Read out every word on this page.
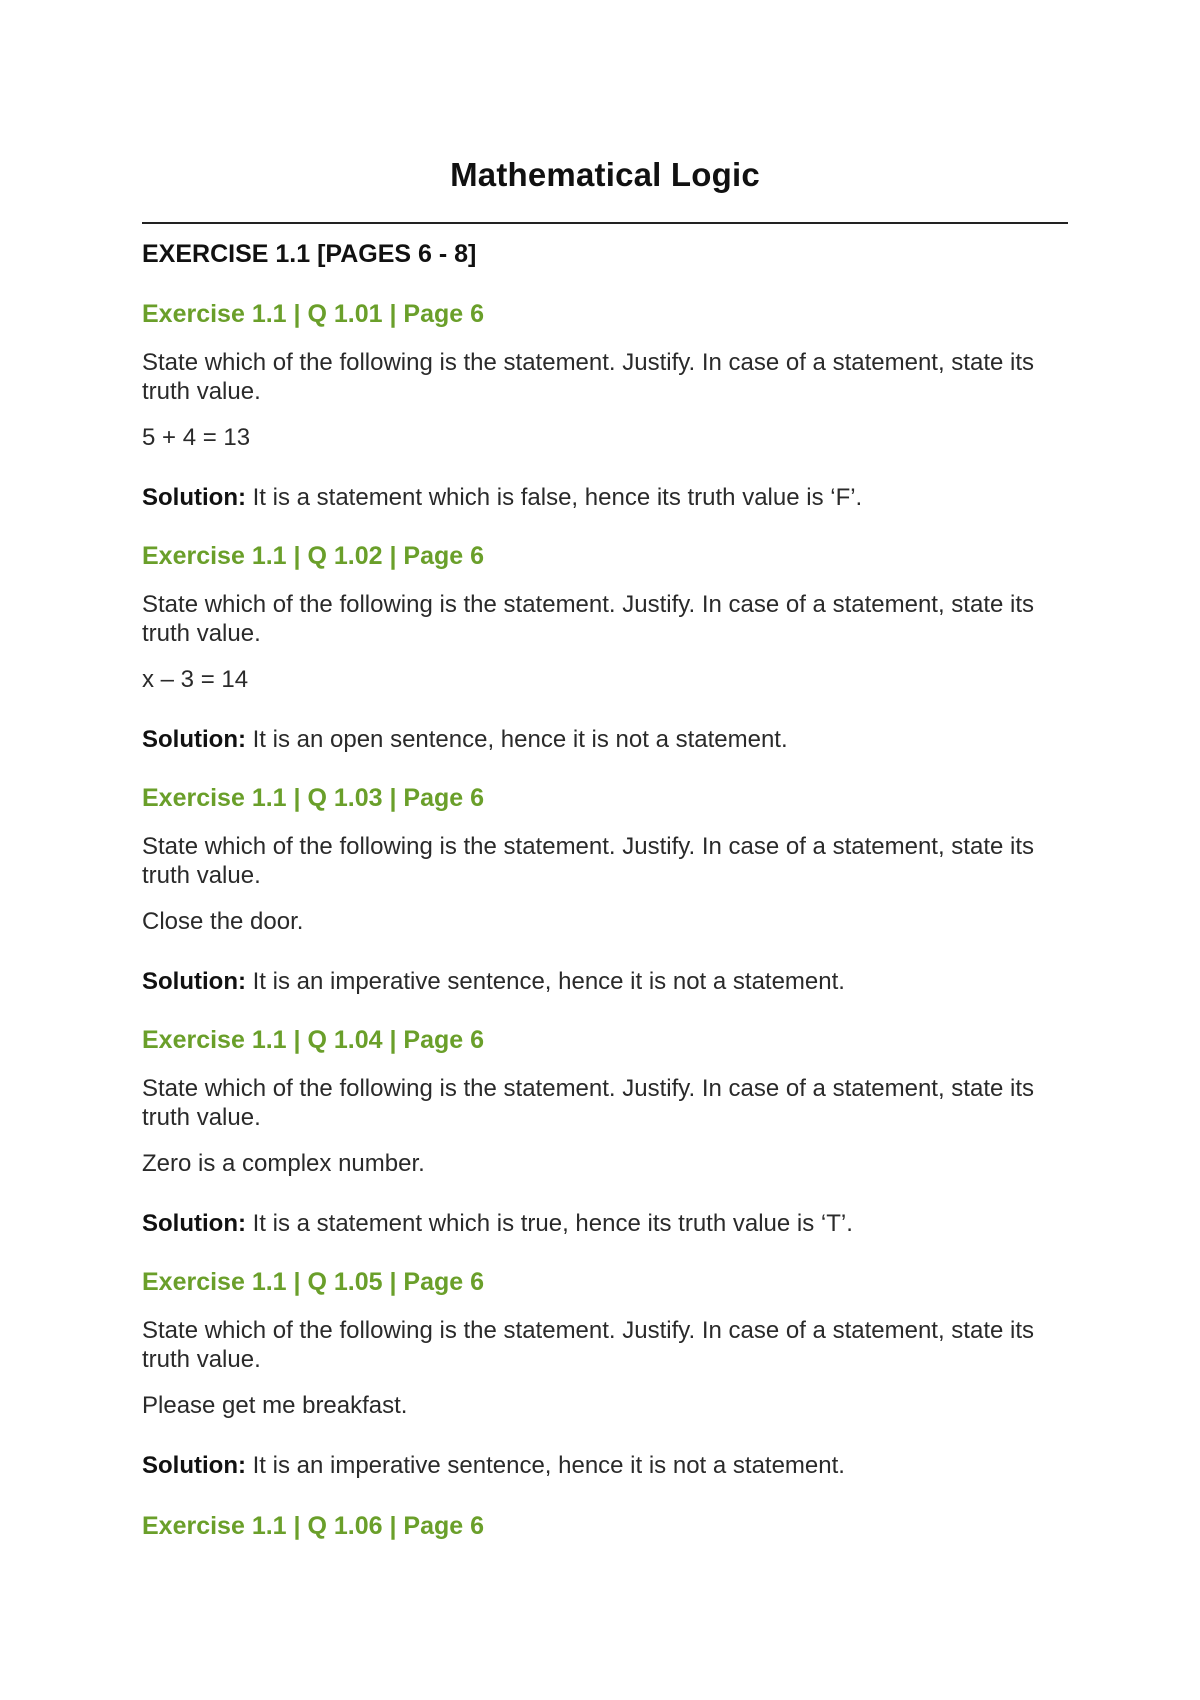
Mathematical Logic
EXERCISE 1.1 [PAGES 6 - 8]
Exercise 1.1 | Q 1.01 | Page 6
State which of the following is the statement. Justify. In case of a statement, state its truth value.
5 + 4 = 13
Solution: It is a statement which is false, hence its truth value is ‘F’.
Exercise 1.1 | Q 1.02 | Page 6
State which of the following is the statement. Justify. In case of a statement, state its truth value.
x – 3 = 14
Solution: It is an open sentence, hence it is not a statement.
Exercise 1.1 | Q 1.03 | Page 6
State which of the following is the statement. Justify. In case of a statement, state its truth value.
Close the door.
Solution: It is an imperative sentence, hence it is not a statement.
Exercise 1.1 | Q 1.04 | Page 6
State which of the following is the statement. Justify. In case of a statement, state its truth value.
Zero is a complex number.
Solution: It is a statement which is true, hence its truth value is ‘T’.
Exercise 1.1 | Q 1.05 | Page 6
State which of the following is the statement. Justify. In case of a statement, state its truth value.
Please get me breakfast.
Solution: It is an imperative sentence, hence it is not a statement.
Exercise 1.1 | Q 1.06 | Page 6
